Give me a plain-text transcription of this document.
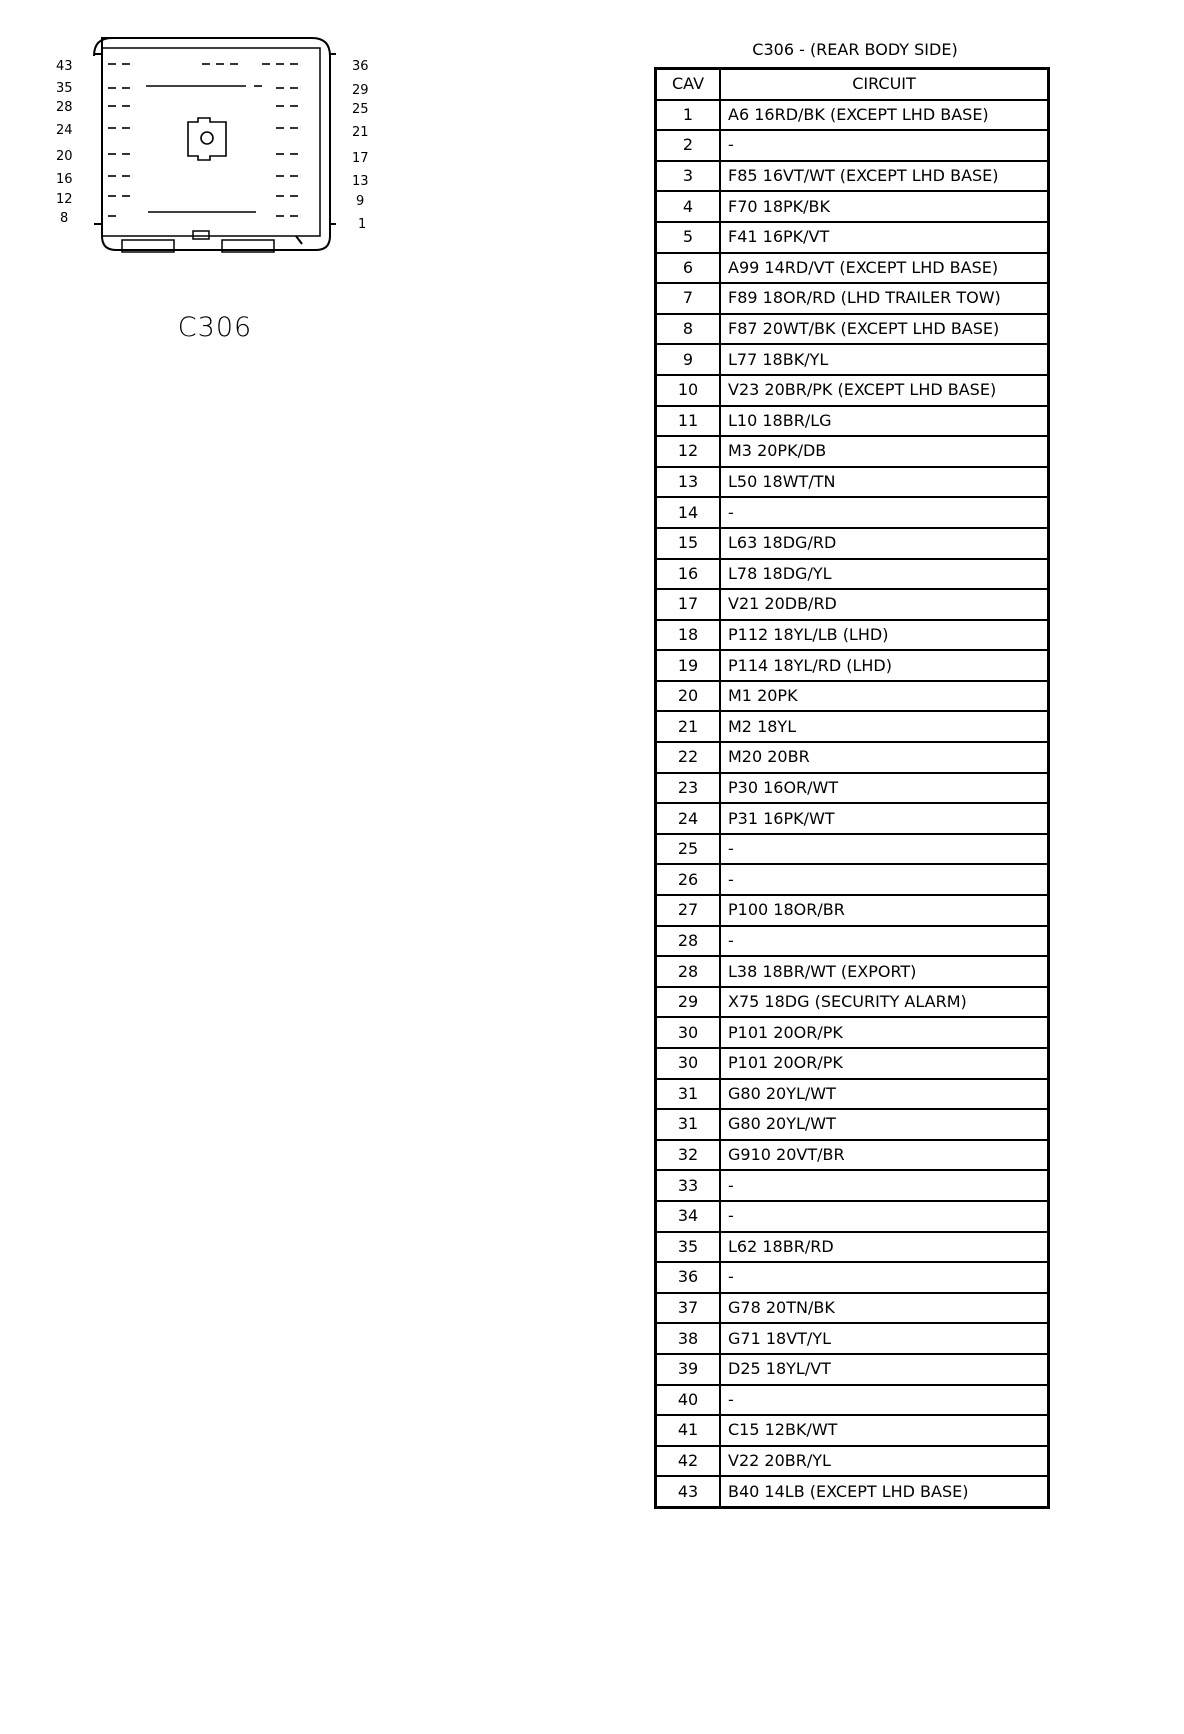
43
35
28
24
20
16
12
8
36
29
25
21
17
13
9
1
C306
C306 - (REAR BODY SIDE)
CAV	CIRCUIT
1	A6 16RD/BK (EXCEPT LHD BASE)
2	-
3	F85 16VT/WT (EXCEPT LHD BASE)
4	F70 18PK/BK
5	F41 16PK/VT
6	A99 14RD/VT (EXCEPT LHD BASE)
7	F89 18OR/RD (LHD TRAILER TOW)
8	F87 20WT/BK (EXCEPT LHD BASE)
9	L77 18BK/YL
10	V23 20BR/PK (EXCEPT LHD BASE)
11	L10 18BR/LG
12	M3 20PK/DB
13	L50 18WT/TN
14	-
15	L63 18DG/RD
16	L78 18DG/YL
17	V21 20DB/RD
18	P112 18YL/LB (LHD)
19	P114 18YL/RD (LHD)
20	M1 20PK
21	M2 18YL
22	M20 20BR
23	P30 16OR/WT
24	P31 16PK/WT
25	-
26	-
27	P100 18OR/BR
28	-
28	L38 18BR/WT (EXPORT)
29	X75 18DG (SECURITY ALARM)
30	P101 20OR/PK
30	P101 20OR/PK
31	G80 20YL/WT
31	G80 20YL/WT
32	G910 20VT/BR
33	-
34	-
35	L62 18BR/RD
36	-
37	G78 20TN/BK
38	G71 18VT/YL
39	D25 18YL/VT
40	-
41	C15 12BK/WT
42	V22 20BR/YL
43	B40 14LB (EXCEPT LHD BASE)
